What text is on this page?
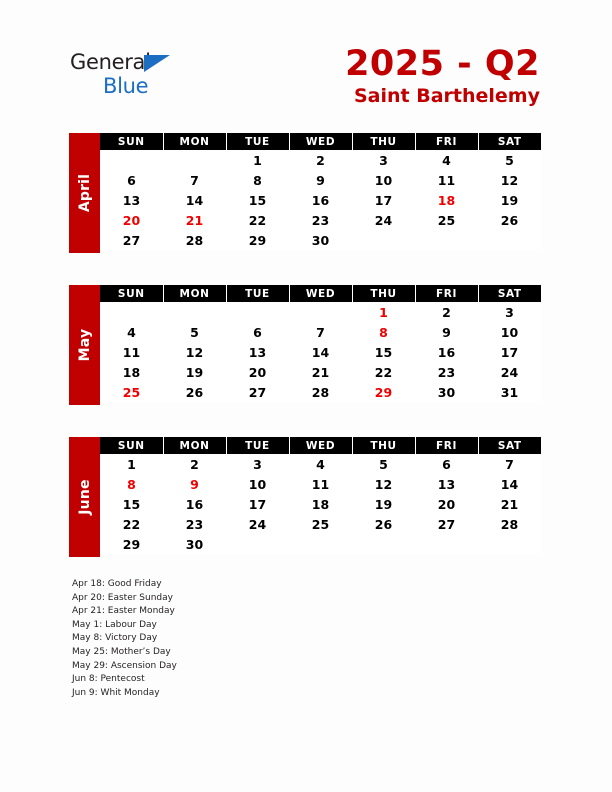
General
Blue
2025 - Q2
Saint Barthelemy
April
SUN	MON	TUE	WED	THU	FRI	SAT
		1	2	3	4	5
6	7	8	9	10	11	12
13	14	15	16	17	18	19
20	21	22	23	24	25	26
27	28	29	30			
May
SUN	MON	TUE	WED	THU	FRI	SAT
				1	2	3
4	5	6	7	8	9	10
11	12	13	14	15	16	17
18	19	20	21	22	23	24
25	26	27	28	29	30	31
June
SUN	MON	TUE	WED	THU	FRI	SAT
1	2	3	4	5	6	7
8	9	10	11	12	13	14
15	16	17	18	19	20	21
22	23	24	25	26	27	28
29	30					
Apr 18: Good Friday
Apr 20: Easter Sunday
Apr 21: Easter Monday
May 1: Labour Day
May 8: Victory Day
May 25: Mother’s Day
May 29: Ascension Day
Jun 8: Pentecost
Jun 9: Whit Monday
